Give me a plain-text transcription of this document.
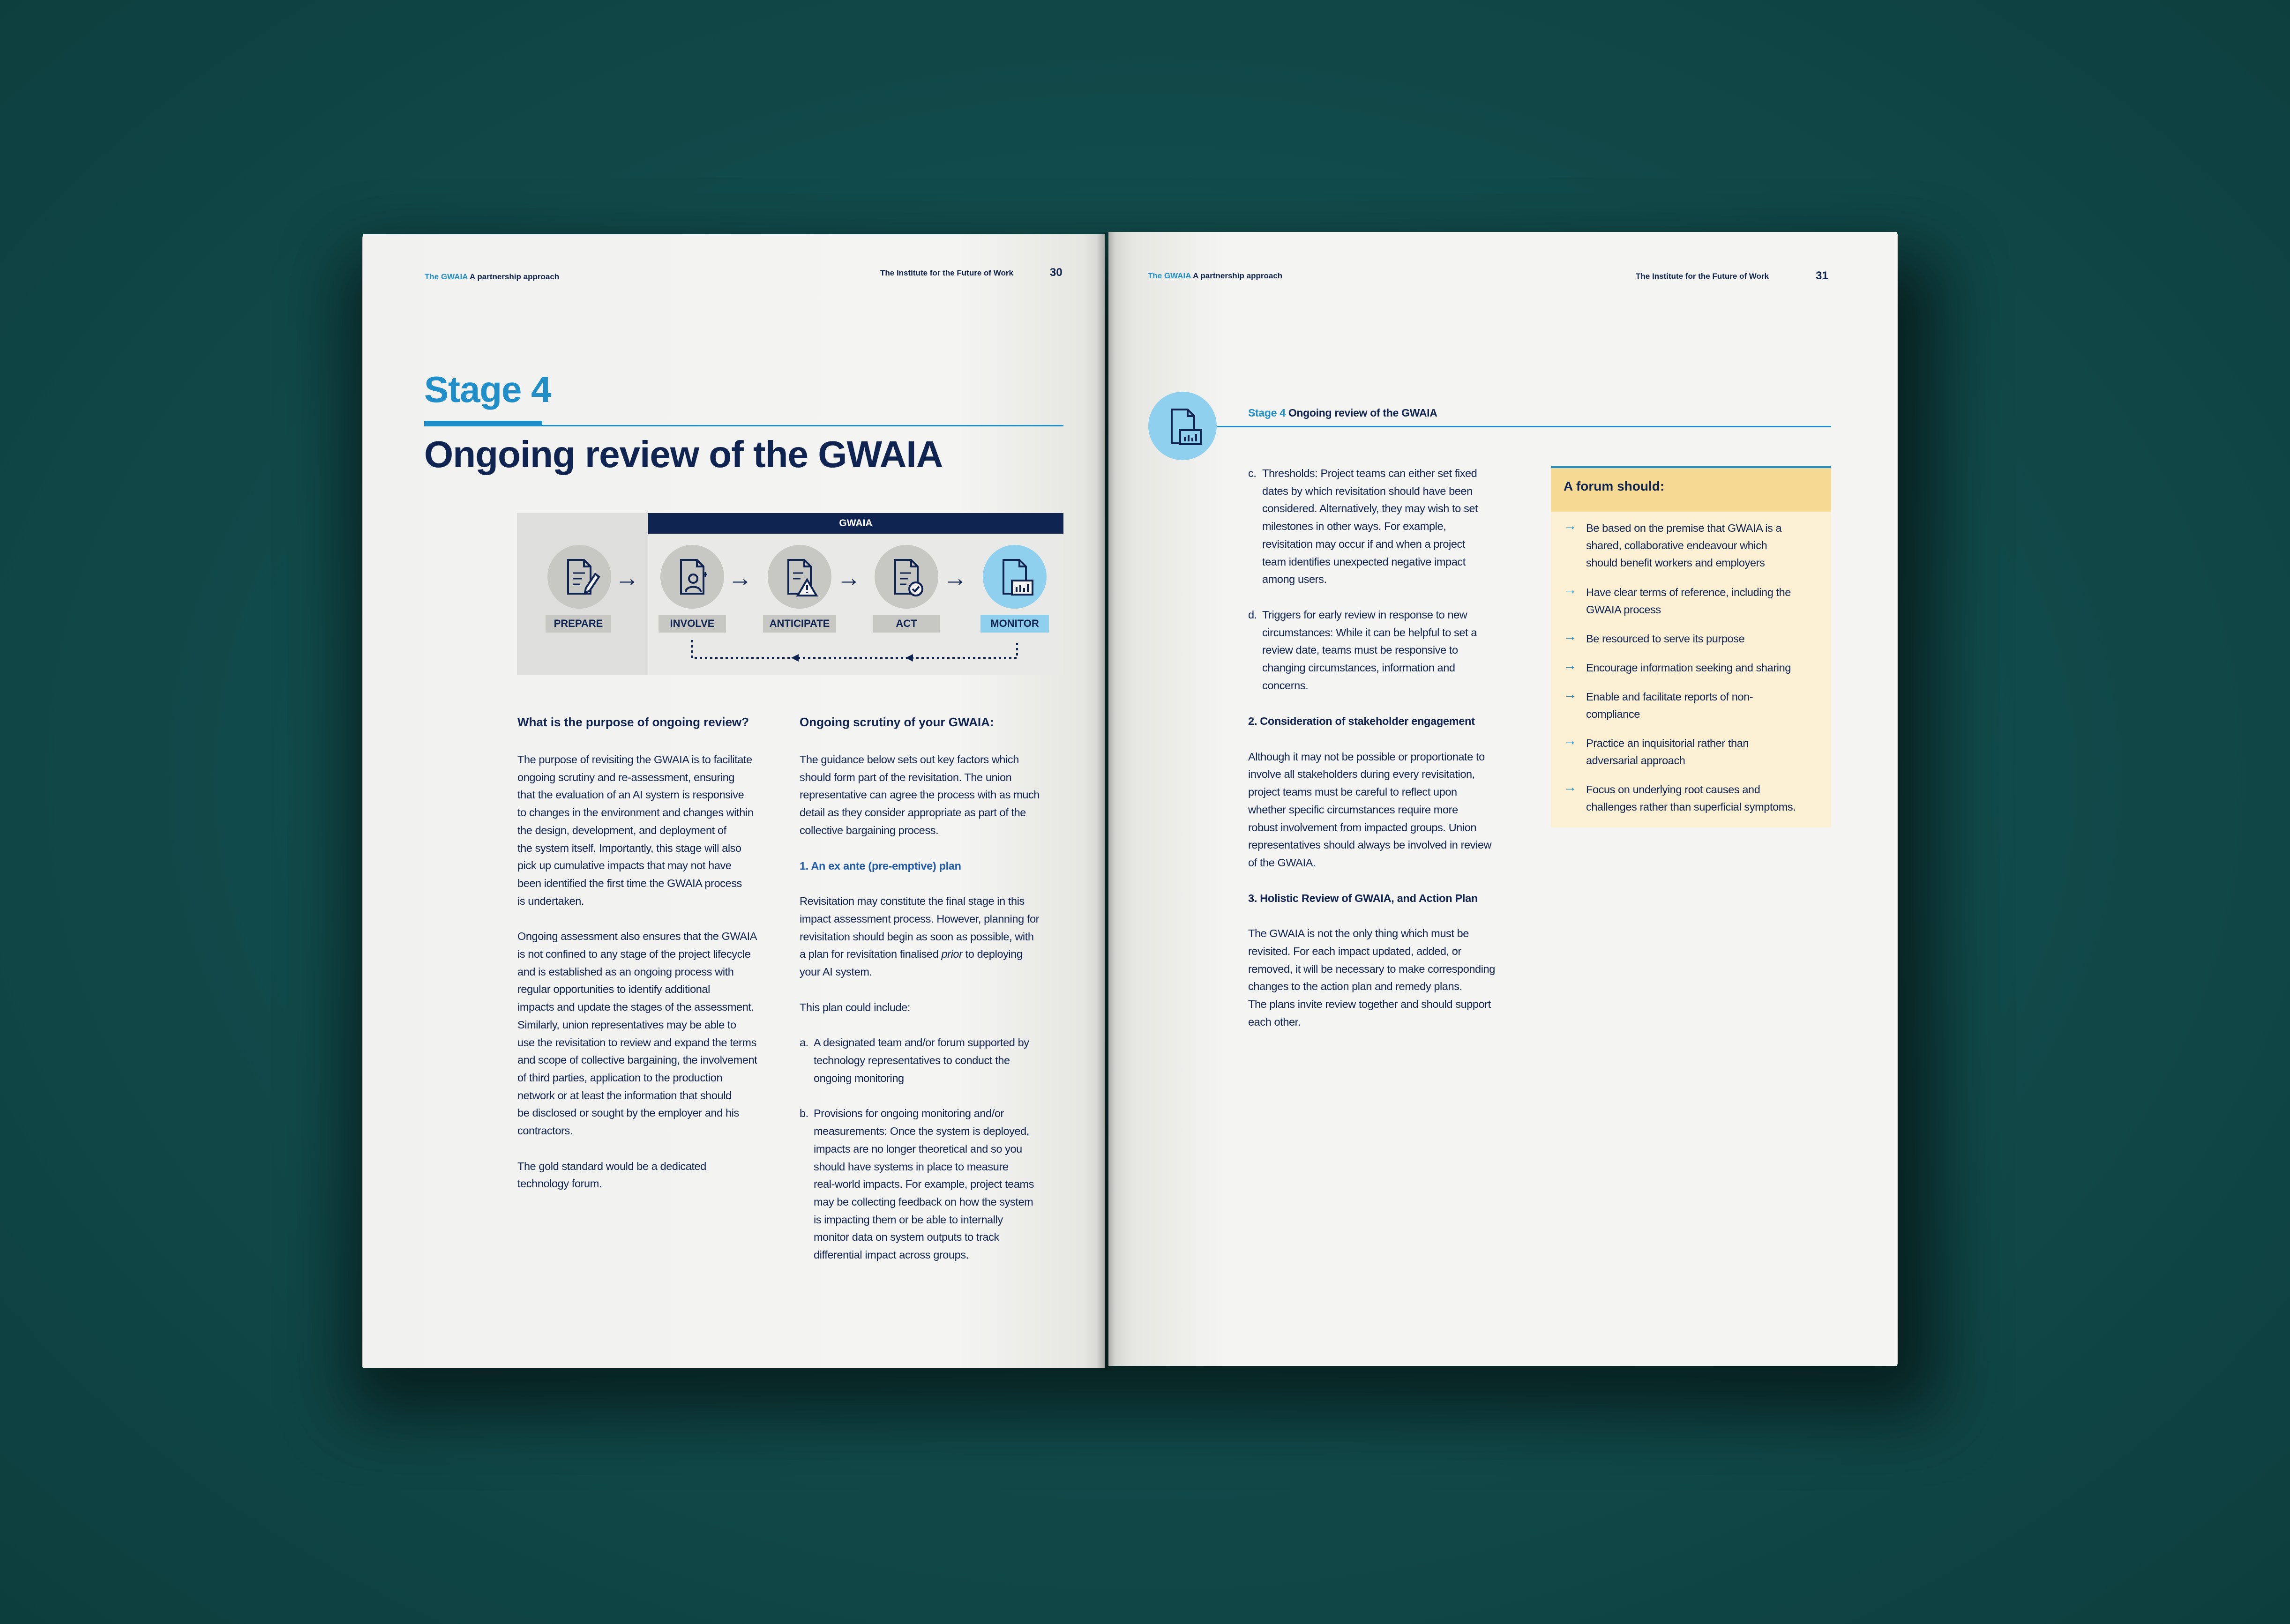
The GWAIA A partnership approach	The Institute for the Future of Work	30
Stage 4
Ongoing review of the GWAIA
GWAIA
PREPARE
→
INVOLVE
→
ANTICIPATE
→
ACT
→
MONITOR
What is the purpose of ongoing review?

The purpose of revisiting the GWAIA is to facilitate
ongoing scrutiny and re-assessment, ensuring
that the evaluation of an AI system is responsive
to changes in the environment and changes within
the design, development, and deployment of
the system itself. Importantly, this stage will also
pick up cumulative impacts that may not have
been identified the first time the GWAIA process
is undertaken.

Ongoing assessment also ensures that the GWAIA
is not confined to any stage of the project lifecycle
and is established as an ongoing process with
regular opportunities to identify additional
impacts and update the stages of the assessment.
Similarly, union representatives may be able to
use the revisitation to review and expand the terms
and scope of collective bargaining, the involvement
of third parties, application to the production
network or at least the information that should
be disclosed or sought by the employer and his
contractors.

The gold standard would be a dedicated
technology forum.

Ongoing scrutiny of your GWAIA:

The guidance below sets out key factors which
should form part of the revisitation. The union
representative can agree the process with as much
detail as they consider appropriate as part of the
collective bargaining process.

1. An ex ante (pre-emptive) plan

Revisitation may constitute the final stage in this
impact assessment process. However, planning for
revisitation should begin as soon as possible, with
a plan for revisitation finalised prior to deploying
your AI system.

This plan could include:

a. A designated team and/or forum supported by
technology representatives to conduct the
ongoing monitoring
b. Provisions for ongoing monitoring and/or
measurements: Once the system is deployed,
impacts are no longer theoretical and so you
should have systems in place to measure
real-world impacts. For example, project teams
may be collecting feedback on how the system
is impacting them or be able to internally
monitor data on system outputs to track
differential impact across groups.
The GWAIA A partnership approach	The Institute for the Future of Work	31
Stage 4 Ongoing review of the GWAIA
c. Thresholds: Project teams can either set fixed
dates by which revisitation should have been
considered. Alternatively, they may wish to set
milestones in other ways. For example,
revisitation may occur if and when a project
team identifies unexpected negative impact
among users.
d. Triggers for early review in response to new
circumstances: While it can be helpful to set a
review date, teams must be responsive to
changing circumstances, information and
concerns.

2. Consideration of stakeholder engagement

Although it may not be possible or proportionate to
involve all stakeholders during every revisitation,
project teams must be careful to reflect upon
whether specific circumstances require more
robust involvement from impacted groups. Union
representatives should always be involved in review
of the GWAIA.

3. Holistic Review of GWAIA, and Action Plan

The GWAIA is not the only thing which must be
revisited. For each impact updated, added, or
removed, it will be necessary to make corresponding
changes to the action plan and remedy plans.
The plans invite review together and should support
each other.

A forum should:
→ Be based on the premise that GWAIA is a
shared, collaborative endeavour which
should benefit workers and employers
→ Have clear terms of reference, including the
GWAIA process
→ Be resourced to serve its purpose
→ Encourage information seeking and sharing
→ Enable and facilitate reports of non-
compliance
→ Practice an inquisitorial rather than
adversarial approach
→ Focus on underlying root causes and
challenges rather than superficial symptoms.
